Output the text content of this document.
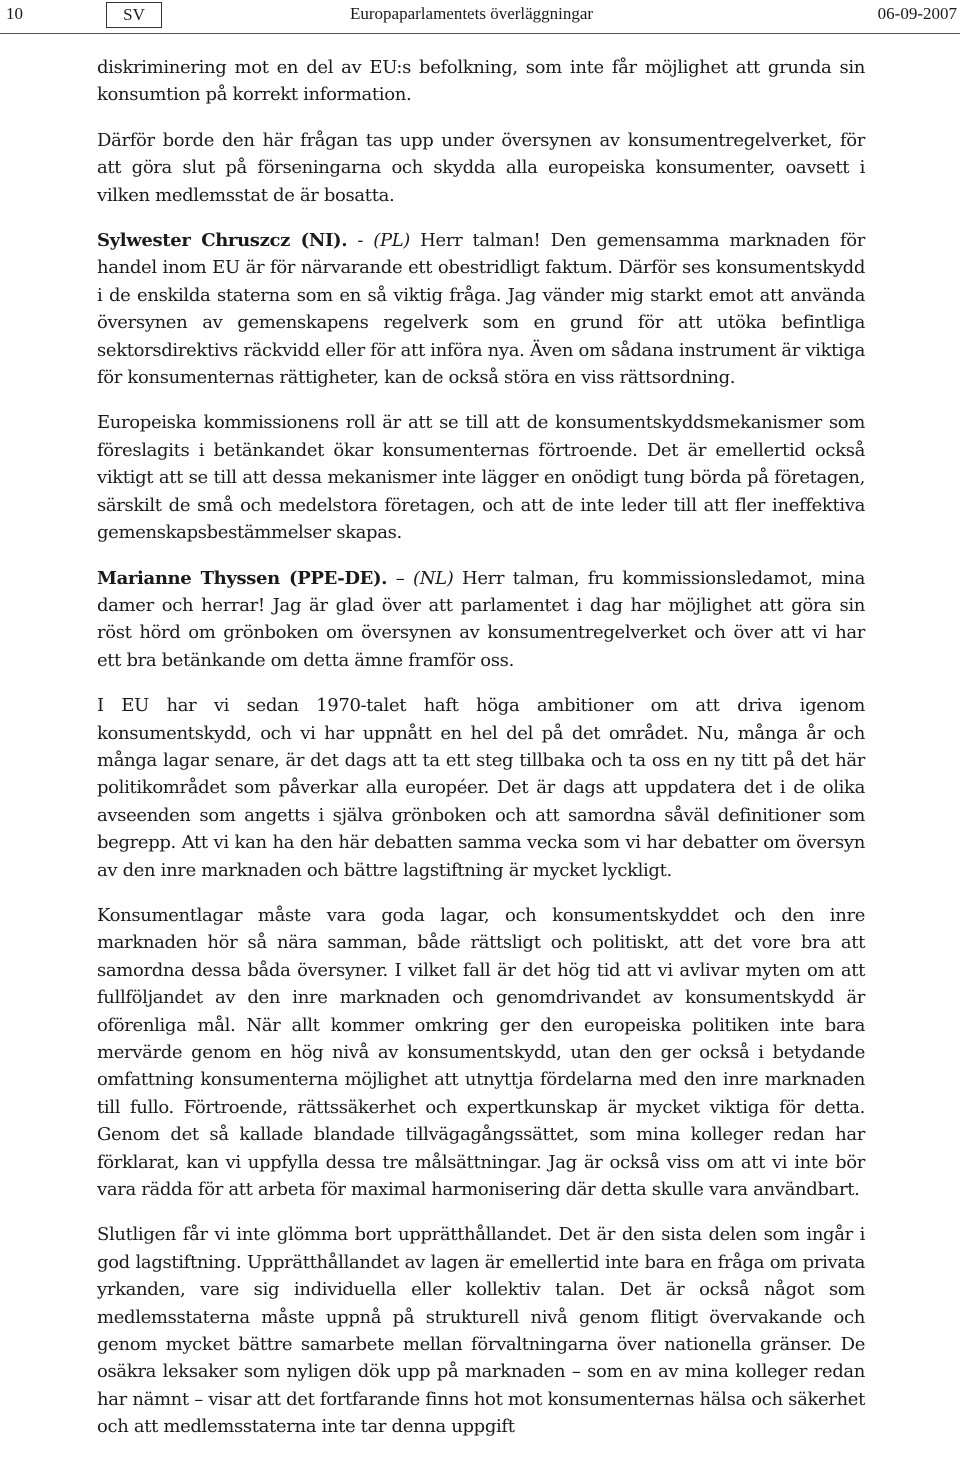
10	SV	Europaparlamentets överläggningar	06-09-2007

diskriminering mot en del av EU:s befolkning, som inte får möjlighet att grunda sin konsumtion på korrekt information.

Därför borde den här frågan tas upp under översynen av konsumentregelverket, för att göra slut på förseningarna och skydda alla europeiska konsumenter, oavsett i vilken medlemsstat de är bosatta.

Sylwester Chruszcz (NI). - (PL) Herr talman! Den gemensamma marknaden för handel inom EU är för närvarande ett obestridligt faktum. Därför ses konsumentskydd i de enskilda staterna som en så viktig fråga. Jag vänder mig starkt emot att använda översynen av gemenskapens regelverk som en grund för att utöka befintliga sektorsdirektivs räckvidd eller för att införa nya. Även om sådana instrument är viktiga för konsumenternas rättigheter, kan de också störa en viss rättsordning.

Europeiska kommissionens roll är att se till att de konsumentskyddsmekanismer som föreslagits i betänkandet ökar konsumenternas förtroende. Det är emellertid också viktigt att se till att dessa mekanismer inte lägger en onödigt tung börda på företagen, särskilt de små och medelstora företagen, och att de inte leder till att fler ineffektiva gemenskapsbestämmelser skapas.

Marianne Thyssen (PPE-DE). – (NL) Herr talman, fru kommissionsledamot, mina damer och herrar! Jag är glad över att parlamentet i dag har möjlighet att göra sin röst hörd om grönboken om översynen av konsumentregelverket och över att vi har ett bra betänkande om detta ämne framför oss.

I EU har vi sedan 1970-talet haft höga ambitioner om att driva igenom konsumentskydd, och vi har uppnått en hel del på det området. Nu, många år och många lagar senare, är det dags att ta ett steg tillbaka och ta oss en ny titt på det här politikområdet som påverkar alla européer. Det är dags att uppdatera det i de olika avseenden som angetts i själva grönboken och att samordna såväl definitioner som begrepp. Att vi kan ha den här debatten samma vecka som vi har debatter om översyn av den inre marknaden och bättre lagstiftning är mycket lyckligt.

Konsumentlagar måste vara goda lagar, och konsumentskyddet och den inre marknaden hör så nära samman, både rättsligt och politiskt, att det vore bra att samordna dessa båda översyner. I vilket fall är det hög tid att vi avlivar myten om att fullföljandet av den inre marknaden och genomdrivandet av konsumentskydd är oförenliga mål. När allt kommer omkring ger den europeiska politiken inte bara mervärde genom en hög nivå av konsumentskydd, utan den ger också i betydande omfattning konsumenterna möjlighet att utnyttja fördelarna med den inre marknaden till fullo. Förtroende, rättssäkerhet och expertkunskap är mycket viktiga för detta. Genom det så kallade blandade tillvägagångssättet, som mina kolleger redan har förklarat, kan vi uppfylla dessa tre målsättningar. Jag är också viss om att vi inte bör vara rädda för att arbeta för maximal harmonisering där detta skulle vara användbart.

Slutligen får vi inte glömma bort upprätthållandet. Det är den sista delen som ingår i god lagstiftning. Upprätthållandet av lagen är emellertid inte bara en fråga om privata yrkanden, vare sig individuella eller kollektiv talan. Det är också något som medlemsstaterna måste uppnå på strukturell nivå genom flitigt övervakande och genom mycket bättre samarbete mellan förvaltningarna över nationella gränser. De osäkra leksaker som nyligen dök upp på marknaden – som en av mina kolleger redan har nämnt – visar att det fortfarande finns hot mot konsumenternas hälsa och säkerhet och att medlemsstaterna inte tar denna uppgift
